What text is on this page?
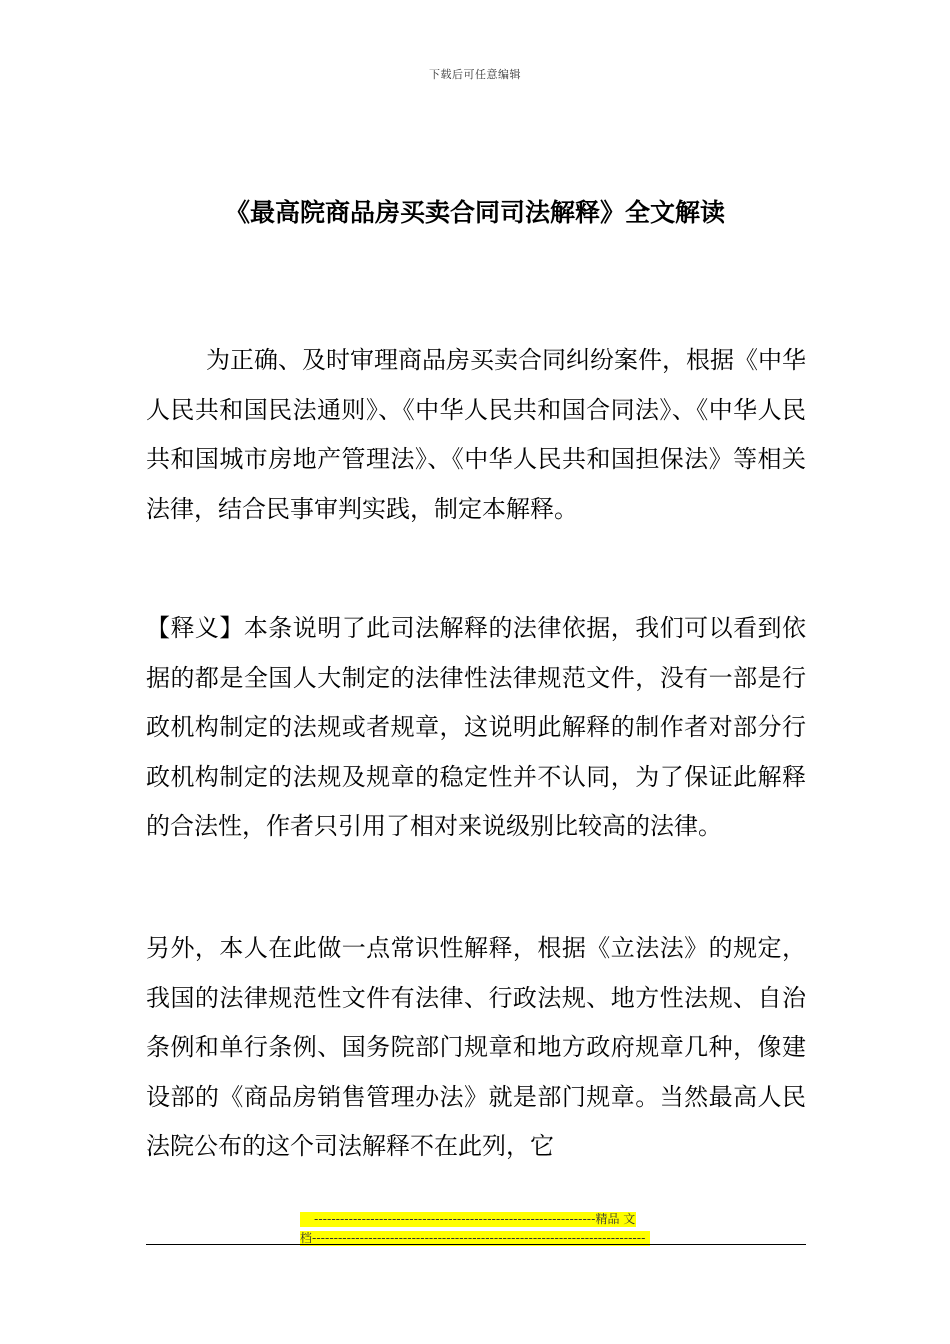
下载后可任意编辑
《最高院商品房买卖合同司法解释》全文解读

为正确、及时审理商品房买卖合同纠纷案件，根据《中华人民共和国民法通则》、《中华人民共和国合同法》、《中华人民共和国城市房地产管理法》、《中华人民共和国担保法》等相关法律，结合民事审判实践，制定本解释。

【释义】本条说明了此司法解释的法律依据，我们可以看到依据的都是全国人大制定的法律性法律规范文件，没有一部是行政机构制定的法规或者规章，这说明此解释的制作者对部分行政机构制定的法规及规章的稳定性并不认同，为了保证此解释的合法性，作者只引用了相对来说级别比较高的法律。

另外，本人在此做一点常识性解释，根据《立法法》的规定，我国的法律规范性文件有法律、行政法规、地方性法规、自治条例和单行条例、国务院部门规章和地方政府规章几种，像建设部的《商品房销售管理办法》就是部门规章。当然最高人民法院公布的这个司法解释不在此列，它

-----------------------------------------------------------------精品 文
档-----------------------------------------------------------------------------
